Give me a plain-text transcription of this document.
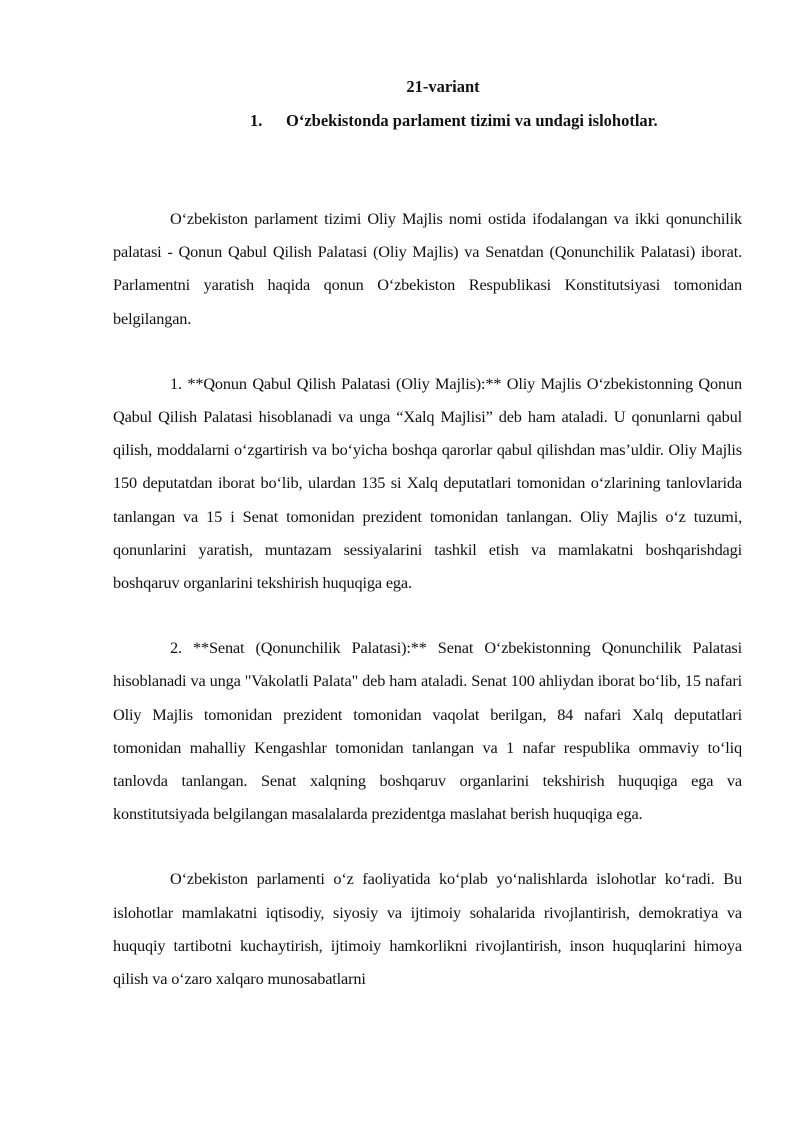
21-variant

1. O‘zbekistonda parlament tizimi va undagi islohotlar.

O‘zbekiston parlament tizimi Oliy Majlis nomi ostida ifodalangan va ikki qonunchilik palatasi - Qonun Qabul Qilish Palatasi (Oliy Majlis) va Senatdan (Qonunchilik Palatasi) iborat. Parlamentni yaratish haqida qonun O‘zbekiston Respublikasi Konstitutsiyasi tomonidan belgilangan.

1. **Qonun Qabul Qilish Palatasi (Oliy Majlis):** Oliy Majlis O‘zbekistonning Qonun Qabul Qilish Palatasi hisoblanadi va unga “Xalq Majlisi” deb ham ataladi. U qonunlarni qabul qilish, moddalarni o‘zgartirish va bo‘yicha boshqa qarorlar qabul qilishdan mas’uldir. Oliy Majlis 150 deputatdan iborat bo‘lib, ulardan 135 si Xalq deputatlari tomonidan o‘zlarining tanlovlarida tanlangan va 15 i Senat tomonidan prezident tomonidan tanlangan. Oliy Majlis o‘z tuzumi, qonunlarini yaratish, muntazam sessiyalarini tashkil etish va mamlakatni boshqarishdagi boshqaruv organlarini tekshirish huquqiga ega.

2. **Senat (Qonunchilik Palatasi):** Senat O‘zbekistonning Qonunchilik Palatasi hisoblanadi va unga "Vakolatli Palata" deb ham ataladi. Senat 100 ahliydan iborat bo‘lib, 15 nafari Oliy Majlis tomonidan prezident tomonidan vaqolat berilgan, 84 nafari Xalq deputatlari tomonidan mahalliy Kengashlar tomonidan tanlangan va 1 nafar respublika ommaviy to‘liq tanlovda tanlangan. Senat xalqning boshqaruv organlarini tekshirish huquqiga ega va konstitutsiyada belgilangan masalalarda prezidentga maslahat berish huquqiga ega.

O‘zbekiston parlamenti o‘z faoliyatida ko‘plab yo‘nalishlarda islohotlar ko‘radi. Bu islohotlar mamlakatni iqtisodiy, siyosiy va ijtimoiy sohalarida rivojlantirish, demokratiya va huquqiy tartibotni kuchaytirish, ijtimoiy hamkorlikni rivojlantirish, inson huquqlarini himoya qilish va o‘zaro xalqaro munosabatlarni
